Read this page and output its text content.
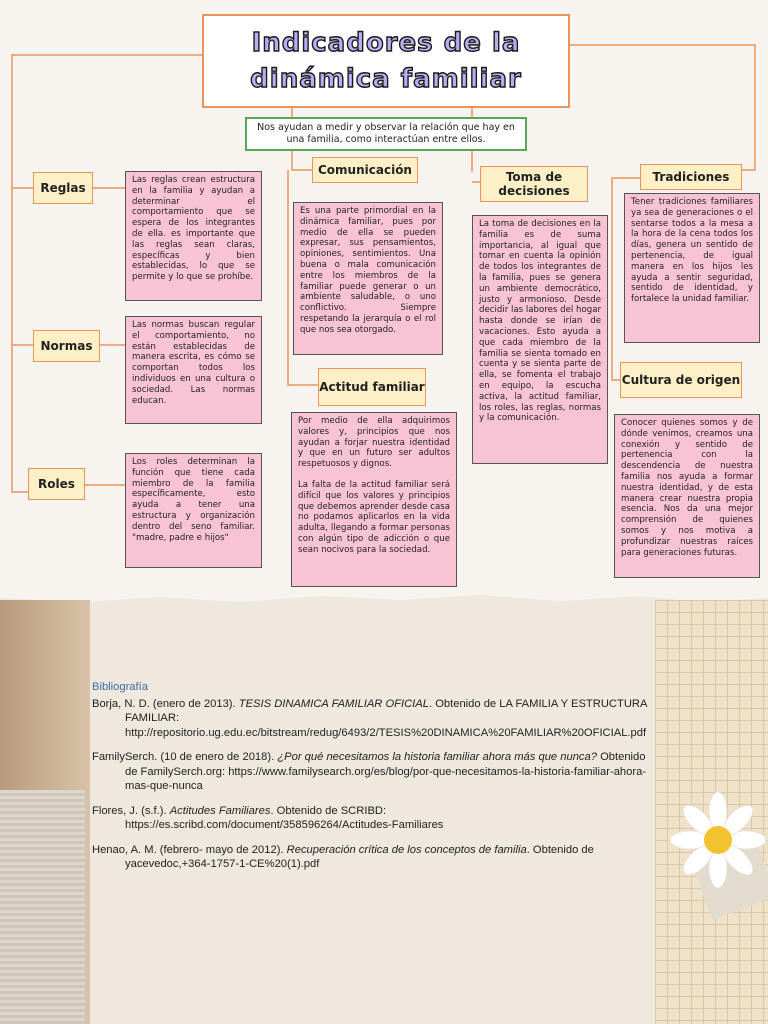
Indicadores de la
dinámica familiar
Nos ayudan a medir y observar la relación que hay en una familia, como interactúan entre ellos.
Reglas
Las reglas crean estructura en la familia y ayudan a determinar el comportamiento que se espera de los integrantes de ella. es importante que las reglas sean claras, específicas y bien establecidas, lo que se permite y lo que se prohíbe.
Normas
Las normas buscan regular el comportamiento, no están establecidas de manera escrita, es cómo se comportan todos los individuos en una cultura o sociedad. Las normas educan.
Roles
Los roles determinan la función que tiene cada miembro de la familia específicamente, esto ayuda a tener una estructura y organización dentro del seno familiar. "madre, padre e hijos"
Comunicación
Es una parte primordial en la dinámica familiar, pues por medio de ella se pueden expresar, sus pensamientos, opiniones, sentimientos. Una buena o mala comunicación entre los miembros de la familiar puede generar o un ambiente saludable, o uno conflictivo. Siempre respetando la jerarquía o el rol que nos sea otorgado.
Actitud familiar

Por medio de ella adquirimos valores y, principios que nos ayudan a forjar nuestra identidad y que en un futuro ser adultos respetuosos y dignos.

La falta de la actitud familiar será difícil que los valores y principios que debemos aprender desde casa no podamos aplicarlos en la vida adulta, llegando a formar personas con algún tipo de adicción o que sean nocivos para la sociedad.

Toma de decisiones
La toma de decisiones en la familia es de suma importancia, al igual que tomar en cuenta la opinión de todos los integrantes de la familia, pues se genera un ambiente democrático, justo y armonioso. Desde decidir las labores del hogar hasta donde se irían de vacaciones. Esto ayuda a que cada miembro de la familia se sienta tomado en cuenta y se sienta parte de ella, se fomenta el trabajo en equipo, la escucha activa, la actitud familiar, los roles, las reglas, normas y la comunicación.
Tradiciones
Tener tradiciones familiares ya sea de generaciones o el sentarse todos a la mesa a la hora de la cena todos los días, genera un sentido de pertenencia, de igual manera en los hijos les ayuda a sentir seguridad, sentido de identidad, y fortalece la unidad familiar.
Cultura de origen
Conocer quienes somos y de dónde venimos, creamos una conexión y sentido de pertenencia con la descendencia de nuestra familia nos ayuda a formar nuestra identidad, y de esta manera crear nuestra propia esencia. Nos da una mejor comprensión de quienes somos y nos motiva a profundizar nuestras raíces para generaciones futuras.
Bibliografía
Borja, N. D. (enero de 2013). TESIS DINAMICA FAMILIAR OFICIAL. Obtenido de LA FAMILIA Y ESTRUCTURA FAMILIAR: http://repositorio.ug.edu.ec/bitstream/redug/6493/2/TESIS%20DINAMICA%20FAMILIAR%20OFICIAL.pdf
FamilySerch. (10 de enero de 2018). ¿Por qué necesitamos la historia familiar ahora más que nunca? Obtenido de FamilySerch.org: https://www.familysearch.org/es/blog/por-que-necesitamos-la-historia-familiar-ahora-mas-que-nunca
Flores, J. (s.f.). Actitudes Familiares. Obtenido de SCRIBD: https://es.scribd.com/document/358596264/Actitudes-Familiares
Henao, A. M. (febrero- mayo de 2012). Recuperación crítica de los conceptos de familia. Obtenido de yacevedoc,+364-1757-1-CE%20(1).pdf
